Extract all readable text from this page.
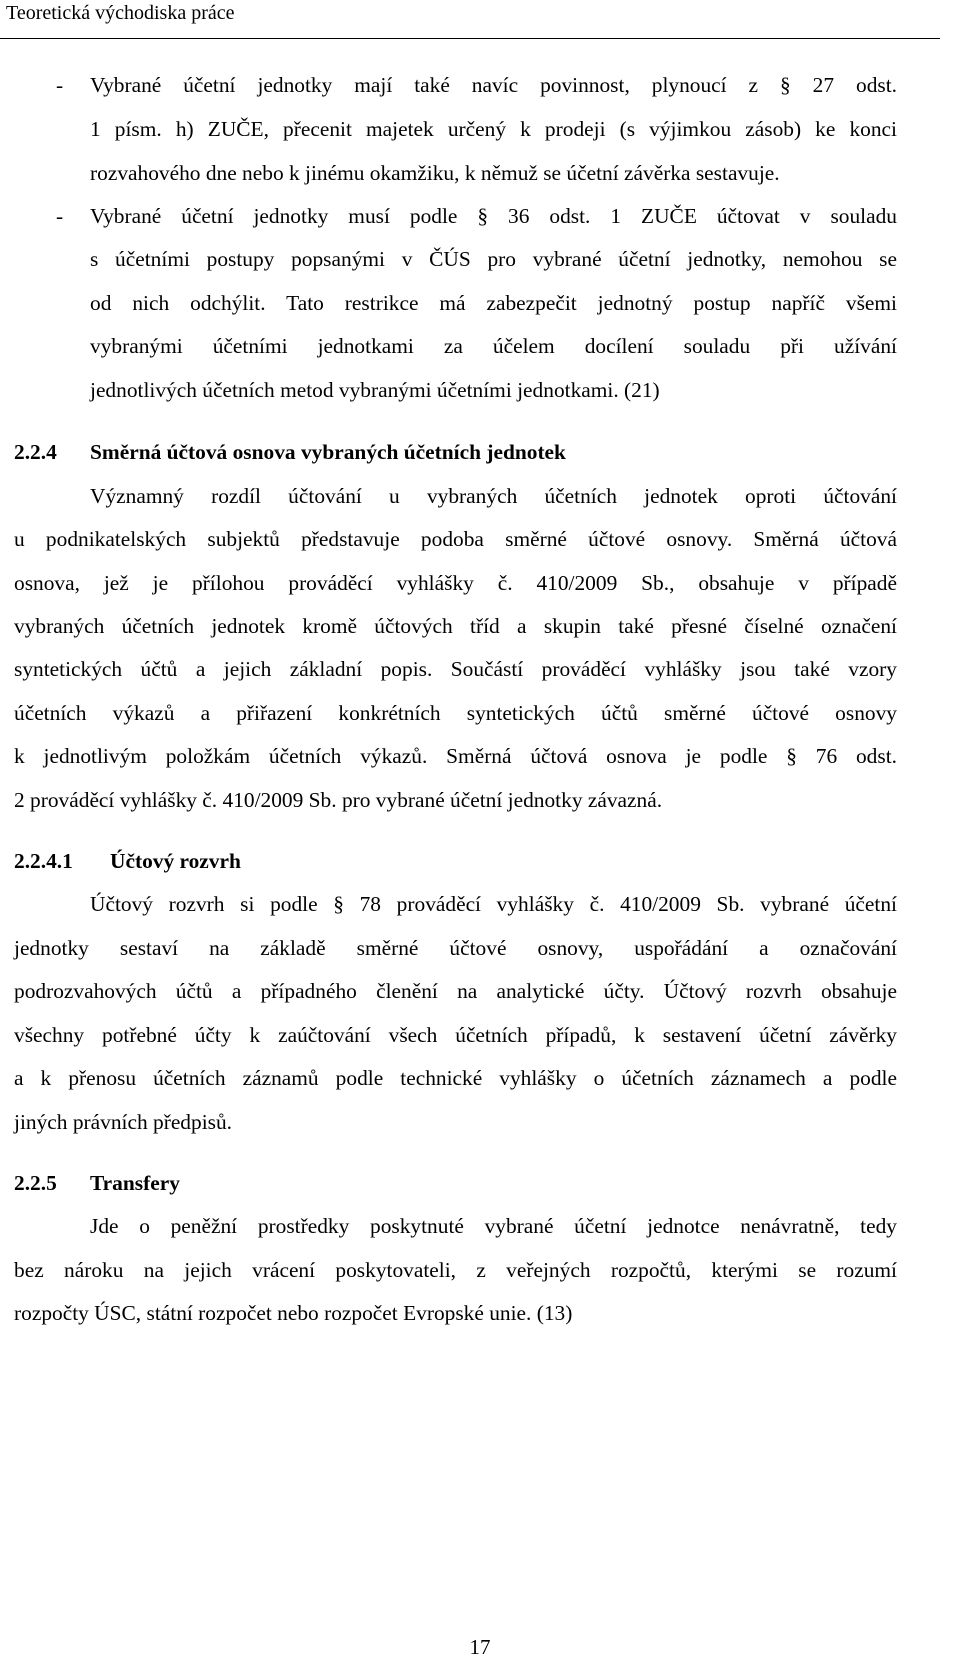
Teoretická východiska práce
- Vybrané účetní jednotky mají také navíc povinnost, plynoucí z § 27 odst.
1 písm. h) ZUČE, přecenit majetek určený k prodeji (s výjimkou zásob) ke konci
rozvahového dne nebo k jinému okamžiku, k němuž se účetní závěrka sestavuje.
- Vybrané účetní jednotky musí podle § 36 odst. 1 ZUČE účtovat v souladu
s účetními postupy popsanými v ČÚS pro vybrané účetní jednotky, nemohou se
od nich odchýlit. Tato restrikce má zabezpečit jednotný postup napříč všemi
vybranými účetními jednotkami za účelem docílení souladu při užívání
jednotlivých účetních metod vybranými účetními jednotkami. (21)
2.2.4 Směrná účtová osnova vybraných účetních jednotek
Významný rozdíl účtování u vybraných účetních jednotek oproti účtování
u podnikatelských subjektů představuje podoba směrné účtové osnovy. Směrná účtová
osnova, jež je přílohou prováděcí vyhlášky č. 410/2009 Sb., obsahuje v případě
vybraných účetních jednotek kromě účtových tříd a skupin také přesné číselné označení
syntetických účtů a jejich základní popis. Součástí prováděcí vyhlášky jsou také vzory
účetních výkazů a přiřazení konkrétních syntetických účtů směrné účtové osnovy
k jednotlivým položkám účetních výkazů. Směrná účtová osnova je podle § 76 odst.
2 prováděcí vyhlášky č. 410/2009 Sb. pro vybrané účetní jednotky závazná.
2.2.4.1 Účtový rozvrh
Účtový rozvrh si podle § 78 prováděcí vyhlášky č. 410/2009 Sb. vybrané účetní
jednotky sestaví na základě směrné účtové osnovy, uspořádání a označování
podrozvahových účtů a případného členění na analytické účty. Účtový rozvrh obsahuje
všechny potřebné účty k zaúčtování všech účetních případů, k sestavení účetní závěrky
a k přenosu účetních záznamů podle technické vyhlášky o účetních záznamech a podle
jiných právních předpisů.
2.2.5 Transfery
Jde o peněžní prostředky poskytnuté vybrané účetní jednotce nenávratně, tedy
bez nároku na jejich vrácení poskytovateli, z veřejných rozpočtů, kterými se rozumí
rozpočty ÚSC, státní rozpočet nebo rozpočet Evropské unie. (13)
17
